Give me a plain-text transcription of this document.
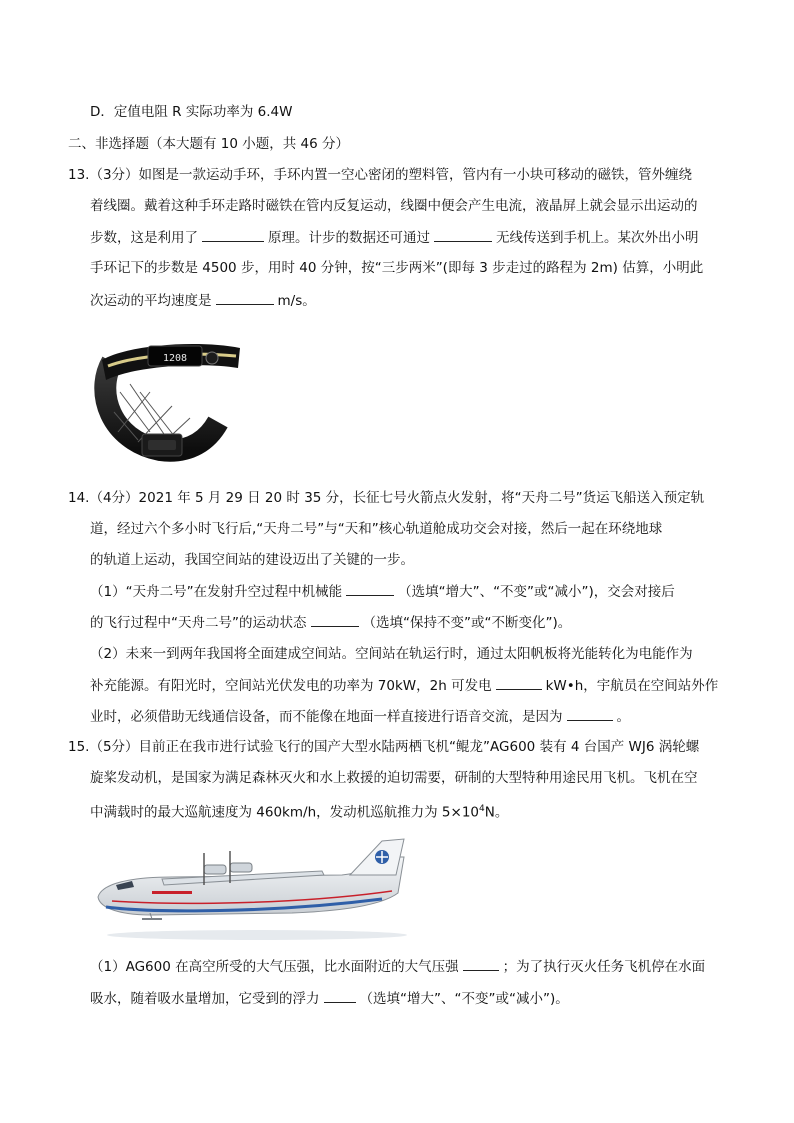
D．定值电阻 R 实际功率为 6.4W
二、非选择题（本大题有 10 小题，共 46 分）
13.（3分）如图是一款运动手环，手环内置一空心密闭的塑料管，管内有一小块可移动的磁铁，管外缠绕
着线圈。戴着这种手环走路时磁铁在管内反复运动，线圈中便会产生电流，液晶屏上就会显示出运动的
步数，这是利用了	原理。计步的数据还可通过	无线传送到手机上。某次外出小明
手环记下的步数是 4500 步，用时 40 分钟，按“三步两米”(即每 3 步走过的路程为 2m) 估算，小明此
次运动的平均速度是	m/s。
1208
14.（4分）2021 年 5 月 29 日 20 时 35 分，长征七号火箭点火发射，将“天舟二号”货运飞船送入预定轨
道，经过六个多小时飞行后,“天舟二号”与“天和”核心轨道舱成功交会对接，然后一起在环绕地球
的轨道上运动，我国空间站的建设迈出了关键的一步。
（1）“天舟二号”在发射升空过程中机械能	（选填“增大”、“不变”或“减小”)，交会对接后
的飞行过程中“天舟二号”的运动状态	（选填“保持不变”或“不断变化”)。
（2）未来一到两年我国将全面建成空间站。空间站在轨运行时，通过太阳帆板将光能转化为电能作为
补充能源。有阳光时，空间站光伏发电的功率为 70kW，2h 可发电	kW•h，宇航员在空间站外作
业时，必须借助无线通信设备，而不能像在地面一样直接进行语音交流，是因为	。
15.（5分）目前正在我市进行试验飞行的国产大型水陆两栖飞机“鲲龙”AG600 装有 4 台国产 WJ6 涡轮螺
旋桨发动机，是国家为满足森林灭火和水上救援的迫切需要，研制的大型特种用途民用飞机。飞机在空
中满载时的最大巡航速度为 460km/h，发动机巡航推力为 $5\times 10^4N$。
（1）AG600 在高空所受的大气压强，比水面附近的大气压强	；为了执行灭火任务飞机停在水面
吸水，随着吸水量增加，它受到的浮力	（选填“增大”、“不变”或“减小”)。
